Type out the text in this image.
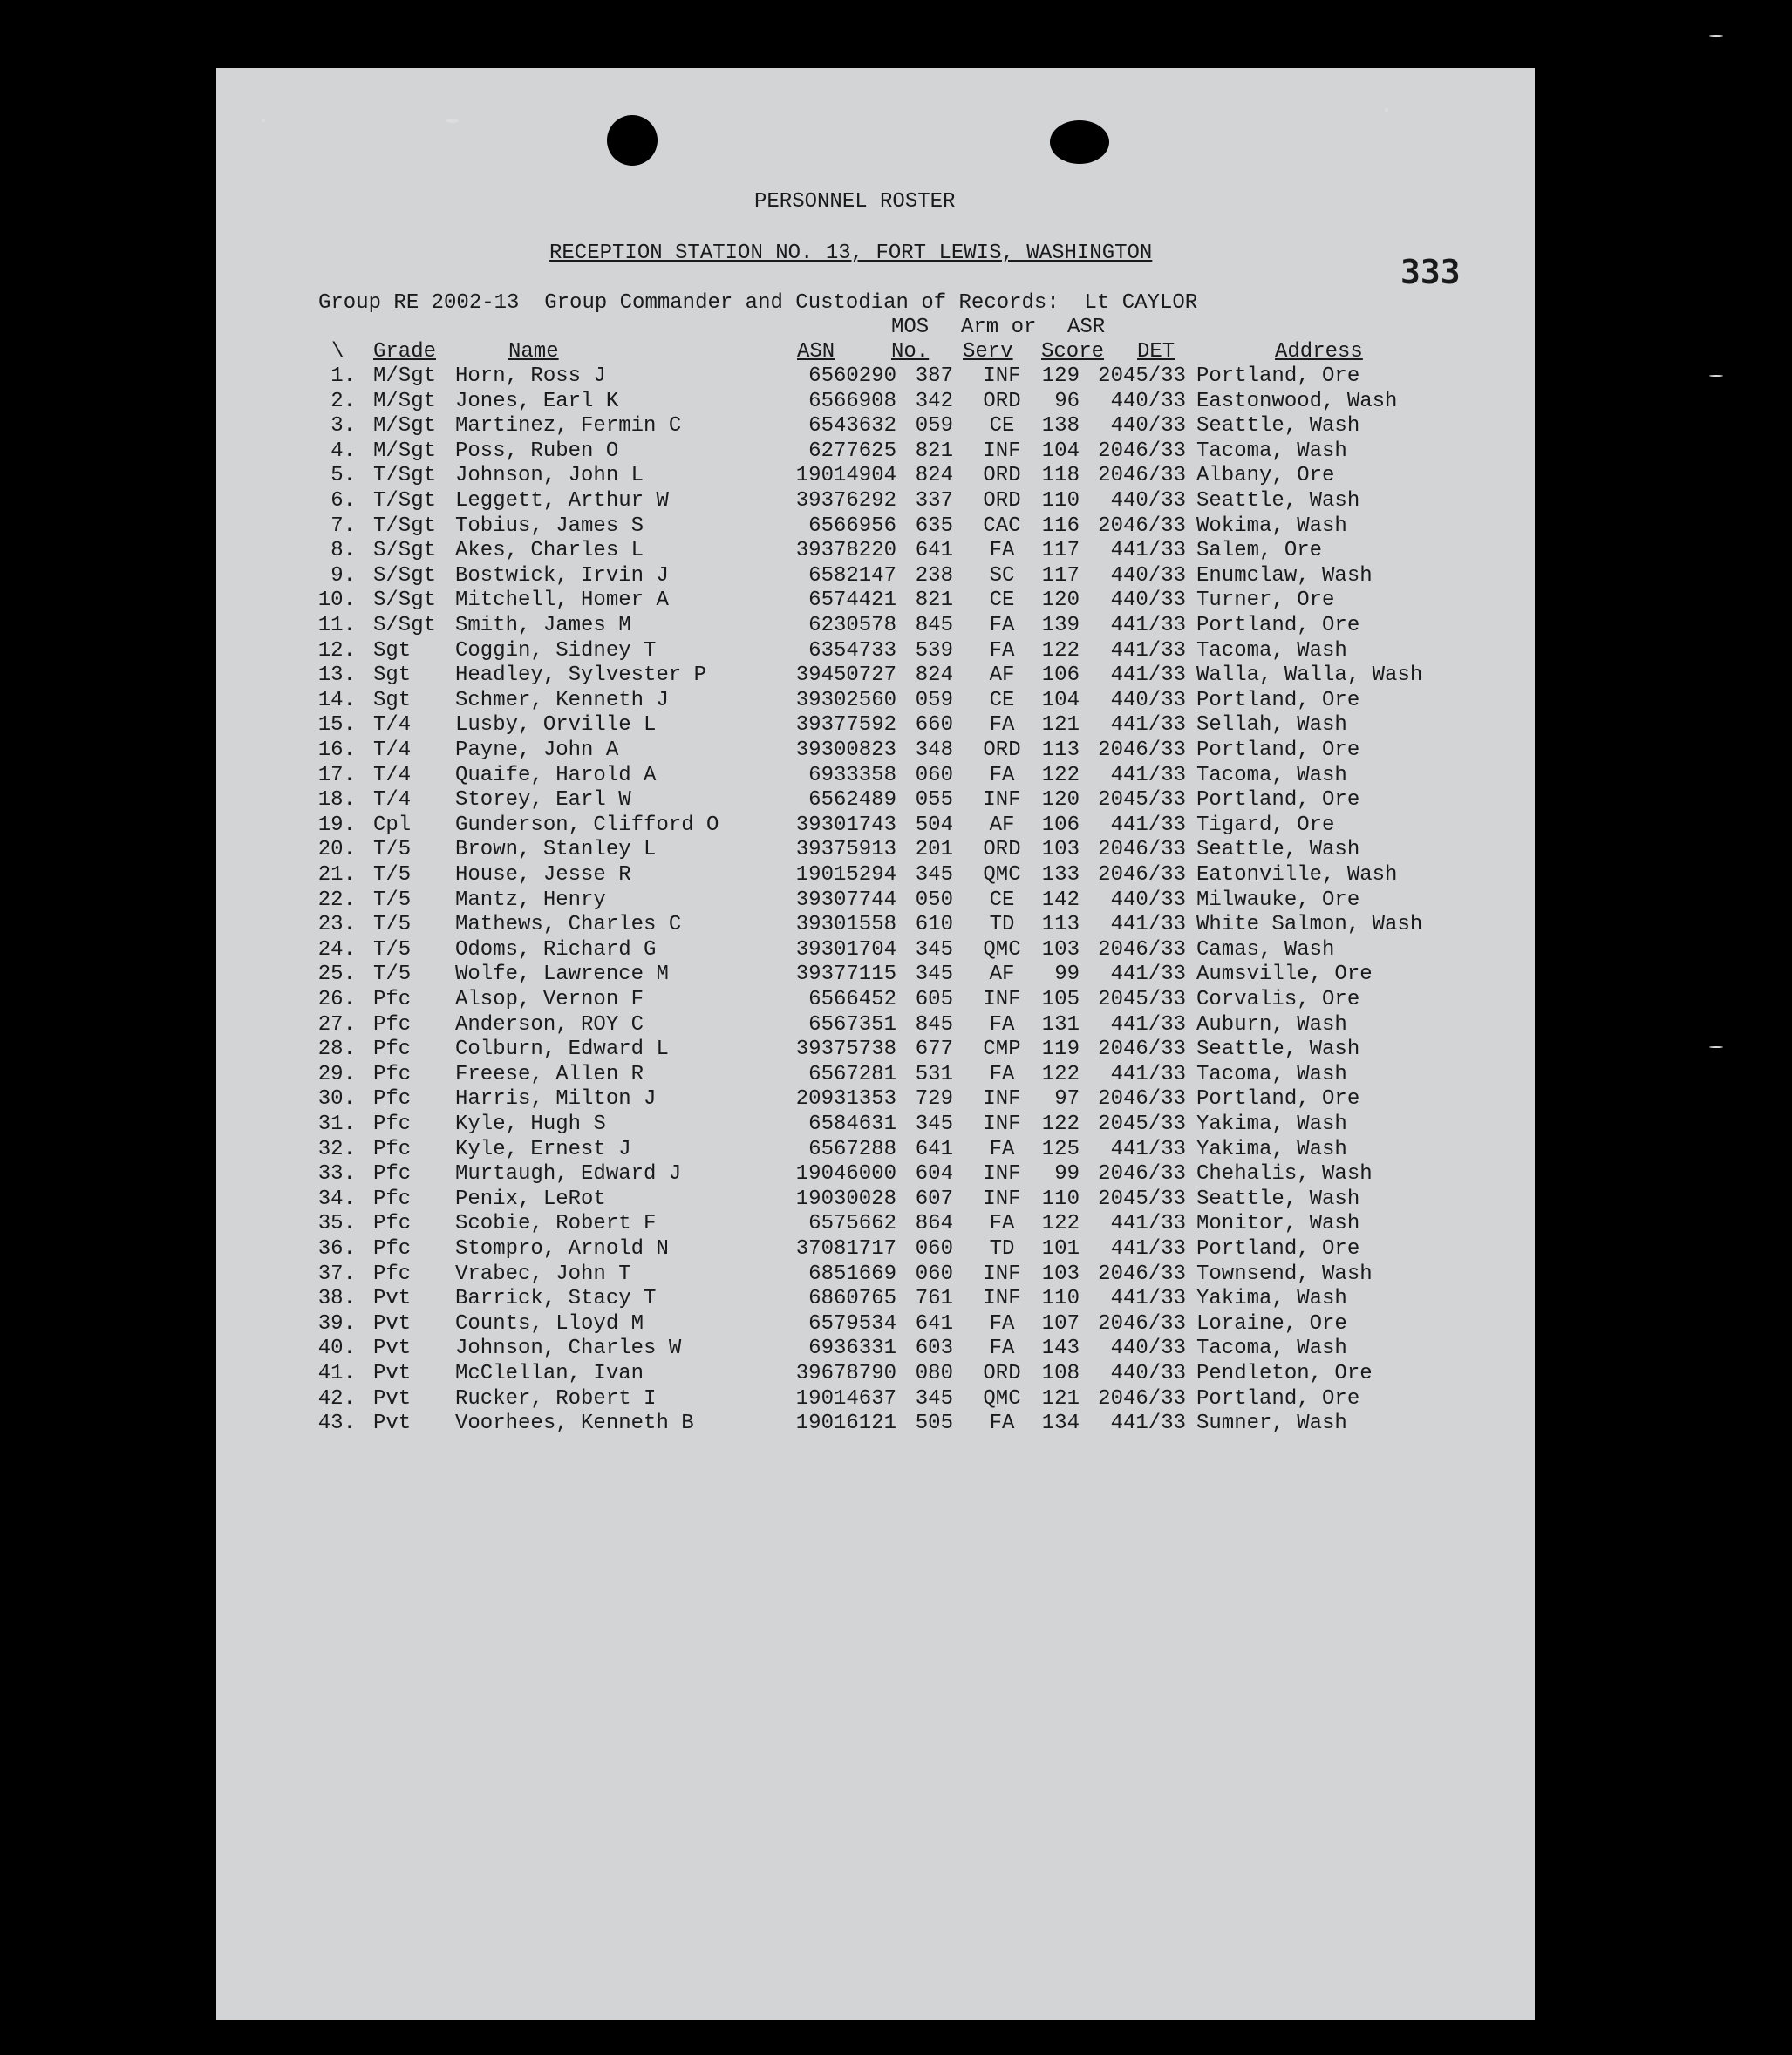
PERSONNEL ROSTER
RECEPTION STATION NO. 13, FORT LEWIS, WASHINGTON	333
Group RE 2002-13  Group Commander and Custodian of Records:  Lt CAYLOR
MOS Arm or ASR
\ Grade	Name	ASN	No. Serv Score DET	Address
1. M/Sgt Horn, Ross J	6560290 387	INF	129 2045/33 Portland, Ore
2. M/Sgt Jones, Earl K	6566908 342	ORD	96	440/33 Eastonwood, Wash
3. M/Sgt Martinez, Fermin C	6543632 059	CE	138	440/33 Seattle, Wash
4. M/Sgt Poss, Ruben O	6277625 821	INF	104 2046/33 Tacoma, Wash
5. T/Sgt Johnson, John L	19014904 824	ORD	118 2046/33 Albany, Ore
6. T/Sgt Leggett, Arthur W	39376292 337	ORD	110	440/33 Seattle, Wash
7. T/Sgt Tobius, James S	6566956 635	CAC	116 2046/33 Wokima, Wash
8. S/Sgt Akes, Charles L	39378220 641	FA	117	441/33 Salem, Ore
9. S/Sgt Bostwick, Irvin J	6582147 238	SC	117	440/33 Enumclaw, Wash
10. S/Sgt Mitchell, Homer A	6574421 821	CE	120	440/33 Turner, Ore
11. S/Sgt Smith, James M	6230578 845	FA	139	441/33 Portland, Ore
12. Sgt Coggin, Sidney T	6354733 539	FA	122	441/33 Tacoma, Wash
13. Sgt Headley, Sylvester P	39450727 824	AF	106	441/33 Walla, Walla, Wash
14. Sgt Schmer, Kenneth J	39302560 059	CE	104	440/33 Portland, Ore
15. T/4 Lusby, Orville L	39377592 660	FA	121	441/33 Sellah, Wash
16. T/4 Payne, John A	39300823 348	ORD	113 2046/33 Portland, Ore
17. T/4 Quaife, Harold A	6933358 060	FA	122	441/33 Tacoma, Wash
18. T/4 Storey, Earl W	6562489 055	INF	120 2045/33 Portland, Ore
19. Cpl Gunderson, Clifford O	39301743 504	AF	106	441/33 Tigard, Ore
20. T/5 Brown, Stanley L	39375913 201	ORD	103 2046/33 Seattle, Wash
21. T/5 House, Jesse R	19015294 345	QMC	133 2046/33 Eatonville, Wash
22. T/5 Mantz, Henry	39307744 050	CE	142	440/33 Milwauke, Ore
23. T/5 Mathews, Charles C	39301558 610	TD	113	441/33 White Salmon, Wash
24. T/5 Odoms, Richard G	39301704 345	QMC	103 2046/33 Camas, Wash
25. T/5 Wolfe, Lawrence M	39377115 345	AF	99	441/33 Aumsville, Ore
26. Pfc Alsop, Vernon F	6566452 605	INF	105 2045/33 Corvalis, Ore
27. Pfc Anderson, ROY C	6567351 845	FA	131	441/33 Auburn, Wash
28. Pfc Colburn, Edward L	39375738 677	CMP	119 2046/33 Seattle, Wash
29. Pfc Freese, Allen R	6567281 531	FA	122	441/33 Tacoma, Wash
30. Pfc Harris, Milton J	20931353 729	INF	97 2046/33 Portland, Ore
31. Pfc Kyle, Hugh S	6584631 345	INF	122 2045/33 Yakima, Wash
32. Pfc Kyle, Ernest J	6567288 641	FA	125	441/33 Yakima, Wash
33. Pfc Murtaugh, Edward J	19046000 604	INF	99 2046/33 Chehalis, Wash
34. Pfc Penix, LeRot	19030028 607	INF	110 2045/33 Seattle, Wash
35. Pfc Scobie, Robert F	6575662 864	FA	122	441/33 Monitor, Wash
36. Pfc Stompro, Arnold N	37081717 060	TD	101	441/33 Portland, Ore
37. Pfc Vrabec, John T	6851669 060	INF	103 2046/33 Townsend, Wash
38. Pvt Barrick, Stacy T	6860765 761	INF	110	441/33 Yakima, Wash
39. Pvt Counts, Lloyd M	6579534 641	FA	107 2046/33 Loraine, Ore
40. Pvt Johnson, Charles W	6936331 603	FA	143	440/33 Tacoma, Wash
41. Pvt McClellan, Ivan	39678790 080	ORD	108	440/33 Pendleton, Ore
42. Pvt Rucker, Robert I	19014637 345	QMC	121 2046/33 Portland, Ore
43. Pvt Voorhees, Kenneth B	19016121 505	FA	134	441/33 Sumner, Wash
